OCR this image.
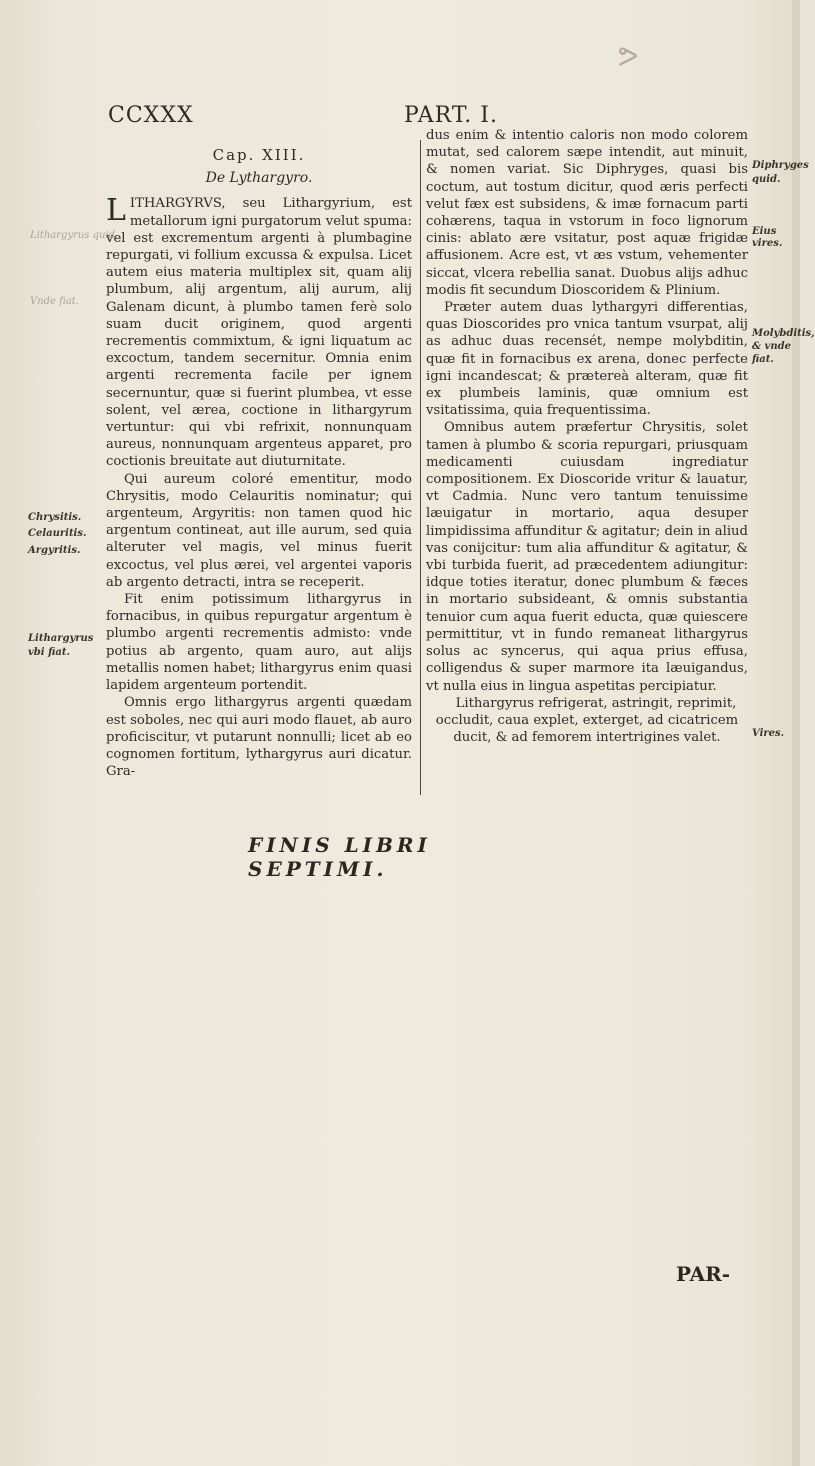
ᕗ
CCXXX	PART. I.

Cap. XIII.

De Lythargyro.

LITHARGYRVS, seu Lithargyrium, est metallorum igni purgatorum velut spuma: vel est excrementum argenti à plumbagine repurgati, vi follium excussa & expulsa. Licet autem eius materia multiplex sit, quam alij plumbum, alij argentum, alij aurum, alij Galenam dicunt, à plumbo tamen ferè solo suam ducit originem, quod argenti recrementis commixtum, & igni liquatum ac excoctum, tandem secernitur. Omnia enim argenti recrementa facile per ignem secernuntur, quæ si fuerint plumbea, vt esse solent, vel ærea, coctione in lithargyrum vertuntur: qui vbi refrixit, nonnunquam aureus, nonnunquam argenteus apparet, pro coctionis breuitate aut diuturnitate.

Qui aureum coloré ementitur, modo Chrysitis, modo Celauritis nominatur; qui argenteum, Argyritis: non tamen quod hic argentum contineat, aut ille aurum, sed quia alteruter vel magis, vel minus fuerit excoctus, vel plus ærei, vel argentei vaporis ab argento detracti, intra se receperit.

Fit enim potissimum lithargyrus in fornacibus, in quibus repurgatur argentum è plumbo argenti recrementis admisto: vnde potius ab argento, quam auro, aut alijs metallis nomen habet; lithargyrus enim quasi lapidem argenteum portendit.

Omnis ergo lithargyrus argenti quædam est soboles, nec qui auri modo flauet, ab auro proficiscitur, vt putarunt nonnulli; licet ab eo cognomen fortitum, lythargyrus auri dicatur. Gra-

dus enim & intentio caloris non modo colorem mutat, sed calorem sæpe intendit, aut minuit, & nomen variat. Sic Diphryges, quasi bis coctum, aut tostum dicitur, quod æris perfecti velut fæx est subsidens, & imæ fornacum parti cohærens, taqua in vstorum in foco lignorum cinis: ablato ære vsitatur, post aquæ frigidæ affusionem. Acre est, vt æs vstum, vehementer siccat, vlcera rebellia sanat. Duobus alijs adhuc modis fit secundum Dioscoridem & Plinium.

Præter autem duas lythargyri differentias, quas Dioscorides pro vnica tantum vsurpat, alij as adhuc duas recensét, nempe molybditin, quæ fit in fornacibus ex arena, donec perfecte igni incandescat; & prætereà alteram, quæ fit ex plumbeis laminis, quæ omnium est vsitatissima, quia frequentissima.

Omnibus autem præfertur Chrysitis, solet tamen à plumbo & scoria repurgari, priusquam medicamenti cuiusdam ingrediatur compositionem. Ex Dioscoride vritur & lauatur, vt Cadmia. Nunc vero tantum tenuissime læuigatur in mortario, aqua desuper limpidissima affunditur & agitatur; dein in aliud vas conijcitur: tum alia affunditur & agitatur, & vbi turbida fuerit, ad præcedentem adiungitur: idque toties iteratur, donec plumbum & fæces in mortario subsideant, & omnis substantia tenuior cum aqua fuerit educta, quæ quiescere permittitur, vt in fundo remaneat lithargyrus solus ac syncerus, qui aqua prius effusa, colligendus & super marmore ita læuigandus, vt nulla eius in lingua aspetitas percipiatur.

Lithargyrus refrigerat, astringit, reprimit, occludit, caua explet, exterget, ad cicatricem ducit, & ad femorem intertrigines valet.

Lithargyrus quid.
Vnde fiat.
Chrysitis.
Celauritis.
Argyritis.
Lithargyrus
vbi fiat.
Diphryges
quid.
Eius vires.
Molybditis,
& vnde
fiat.
Vires.
FINIS LIBRI SEPTIMI.
PAR-
